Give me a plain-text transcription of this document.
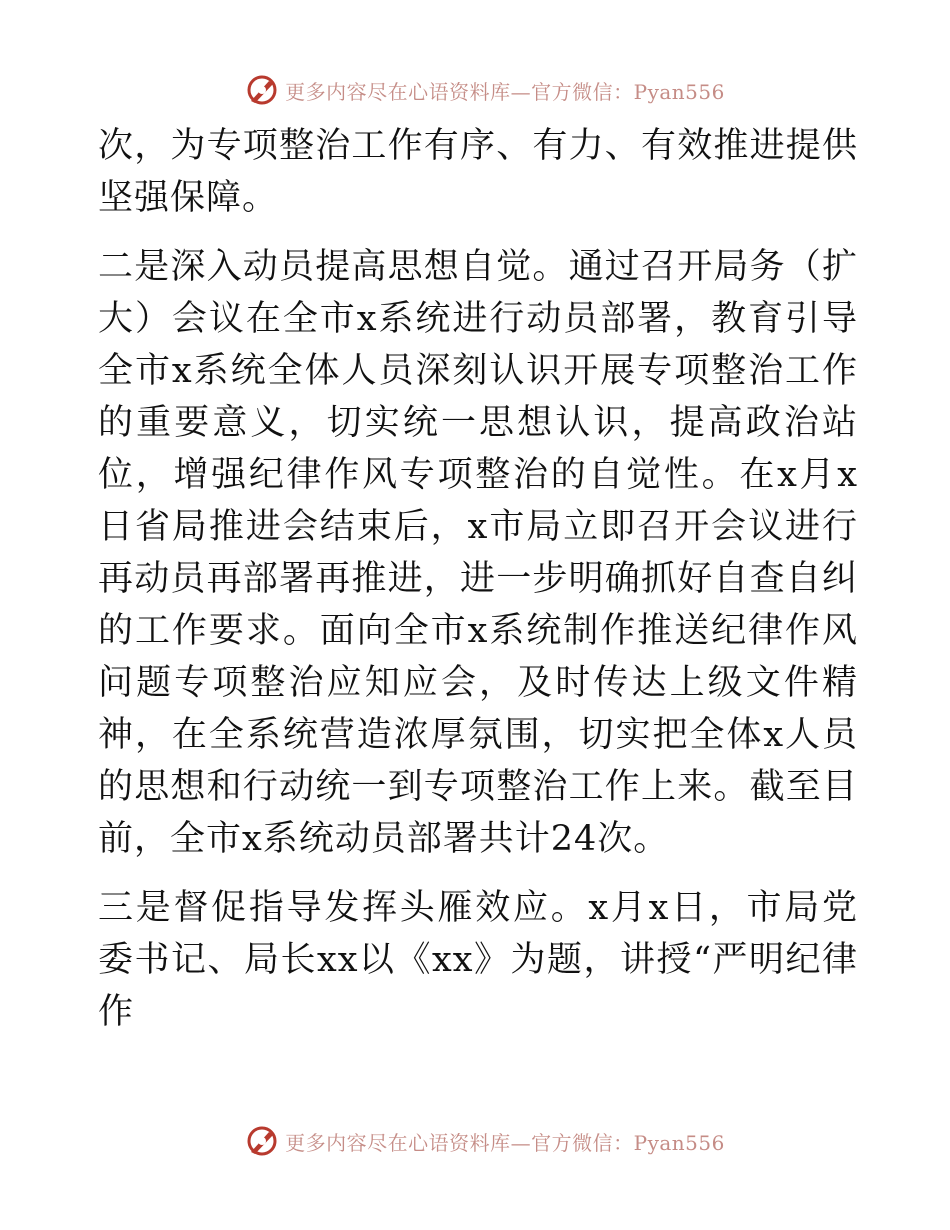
更多内容尽在心语资料库—官方微信：Pyan556

次，为专项整治工作有序、有力、有效推进提供坚强保障。

二是深入动员提高思想自觉。通过召开局务（扩大）会议在全市x系统进行动员部署，教育引导全市x系统全体人员深刻认识开展专项整治工作的重要意义，切实统一思想认识，提高政治站位，增强纪律作风专项整治的自觉性。在x月x日省局推进会结束后，x市局立即召开会议进行再动员再部署再推进，进一步明确抓好自查自纠的工作要求。面向全市x系统制作推送纪律作风问题专项整治应知应会，及时传达上级文件精神，在全系统营造浓厚氛围，切实把全体x人员的思想和行动统一到专项整治工作上来。截至目前，全市x系统动员部署共计24次。

三是督促指导发挥头雁效应。x月x日，市局党委书记、局长xx以《xx》为题，讲授“严明纪律作

更多内容尽在心语资料库—官方微信：Pyan556
